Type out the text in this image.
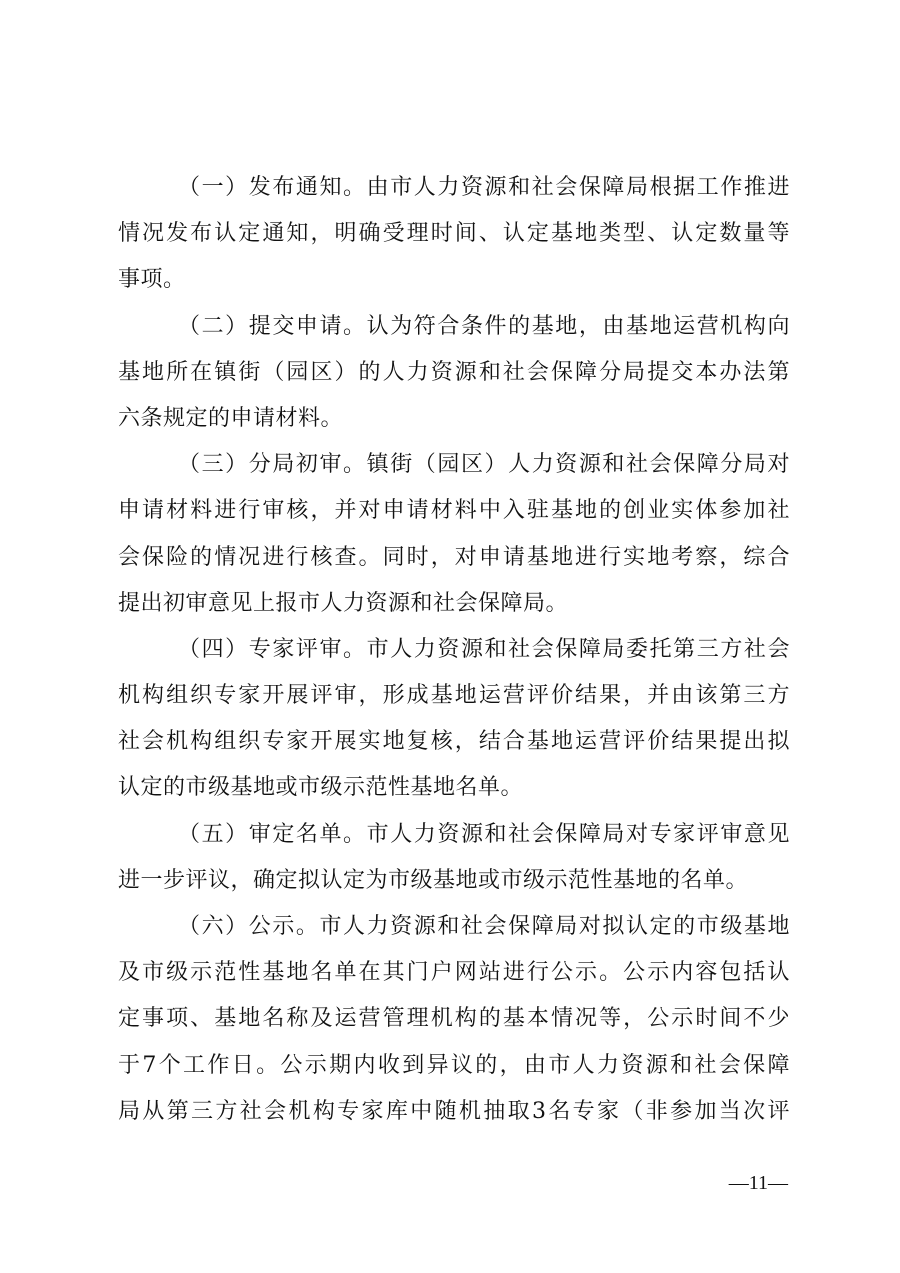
（一）发布通知。由市人力资源和社会保障局根据工作推进
情况发布认定通知，明确受理时间、认定基地类型、认定数量等
事项。
（二）提交申请。认为符合条件的基地，由基地运营机构向
基地所在镇街（园区）的人力资源和社会保障分局提交本办法第
六条规定的申请材料。
（三）分局初审。镇街（园区）人力资源和社会保障分局对
申请材料进行审核，并对申请材料中入驻基地的创业实体参加社
会保险的情况进行核查。同时，对申请基地进行实地考察，综合
提出初审意见上报市人力资源和社会保障局。
（四）专家评审。市人力资源和社会保障局委托第三方社会
机构组织专家开展评审，形成基地运营评价结果，并由该第三方
社会机构组织专家开展实地复核，结合基地运营评价结果提出拟
认定的市级基地或市级示范性基地名单。
（五）审定名单。市人力资源和社会保障局对专家评审意见
进一步评议，确定拟认定为市级基地或市级示范性基地的名单。
（六）公示。市人力资源和社会保障局对拟认定的市级基地
及市级示范性基地名单在其门户网站进行公示。公示内容包括认
定事项、基地名称及运营管理机构的基本情况等，公示时间不少
于7个工作日。公示期内收到异议的，由市人力资源和社会保障
局从第三方社会机构专家库中随机抽取3名专家（非参加当次评
—11—
